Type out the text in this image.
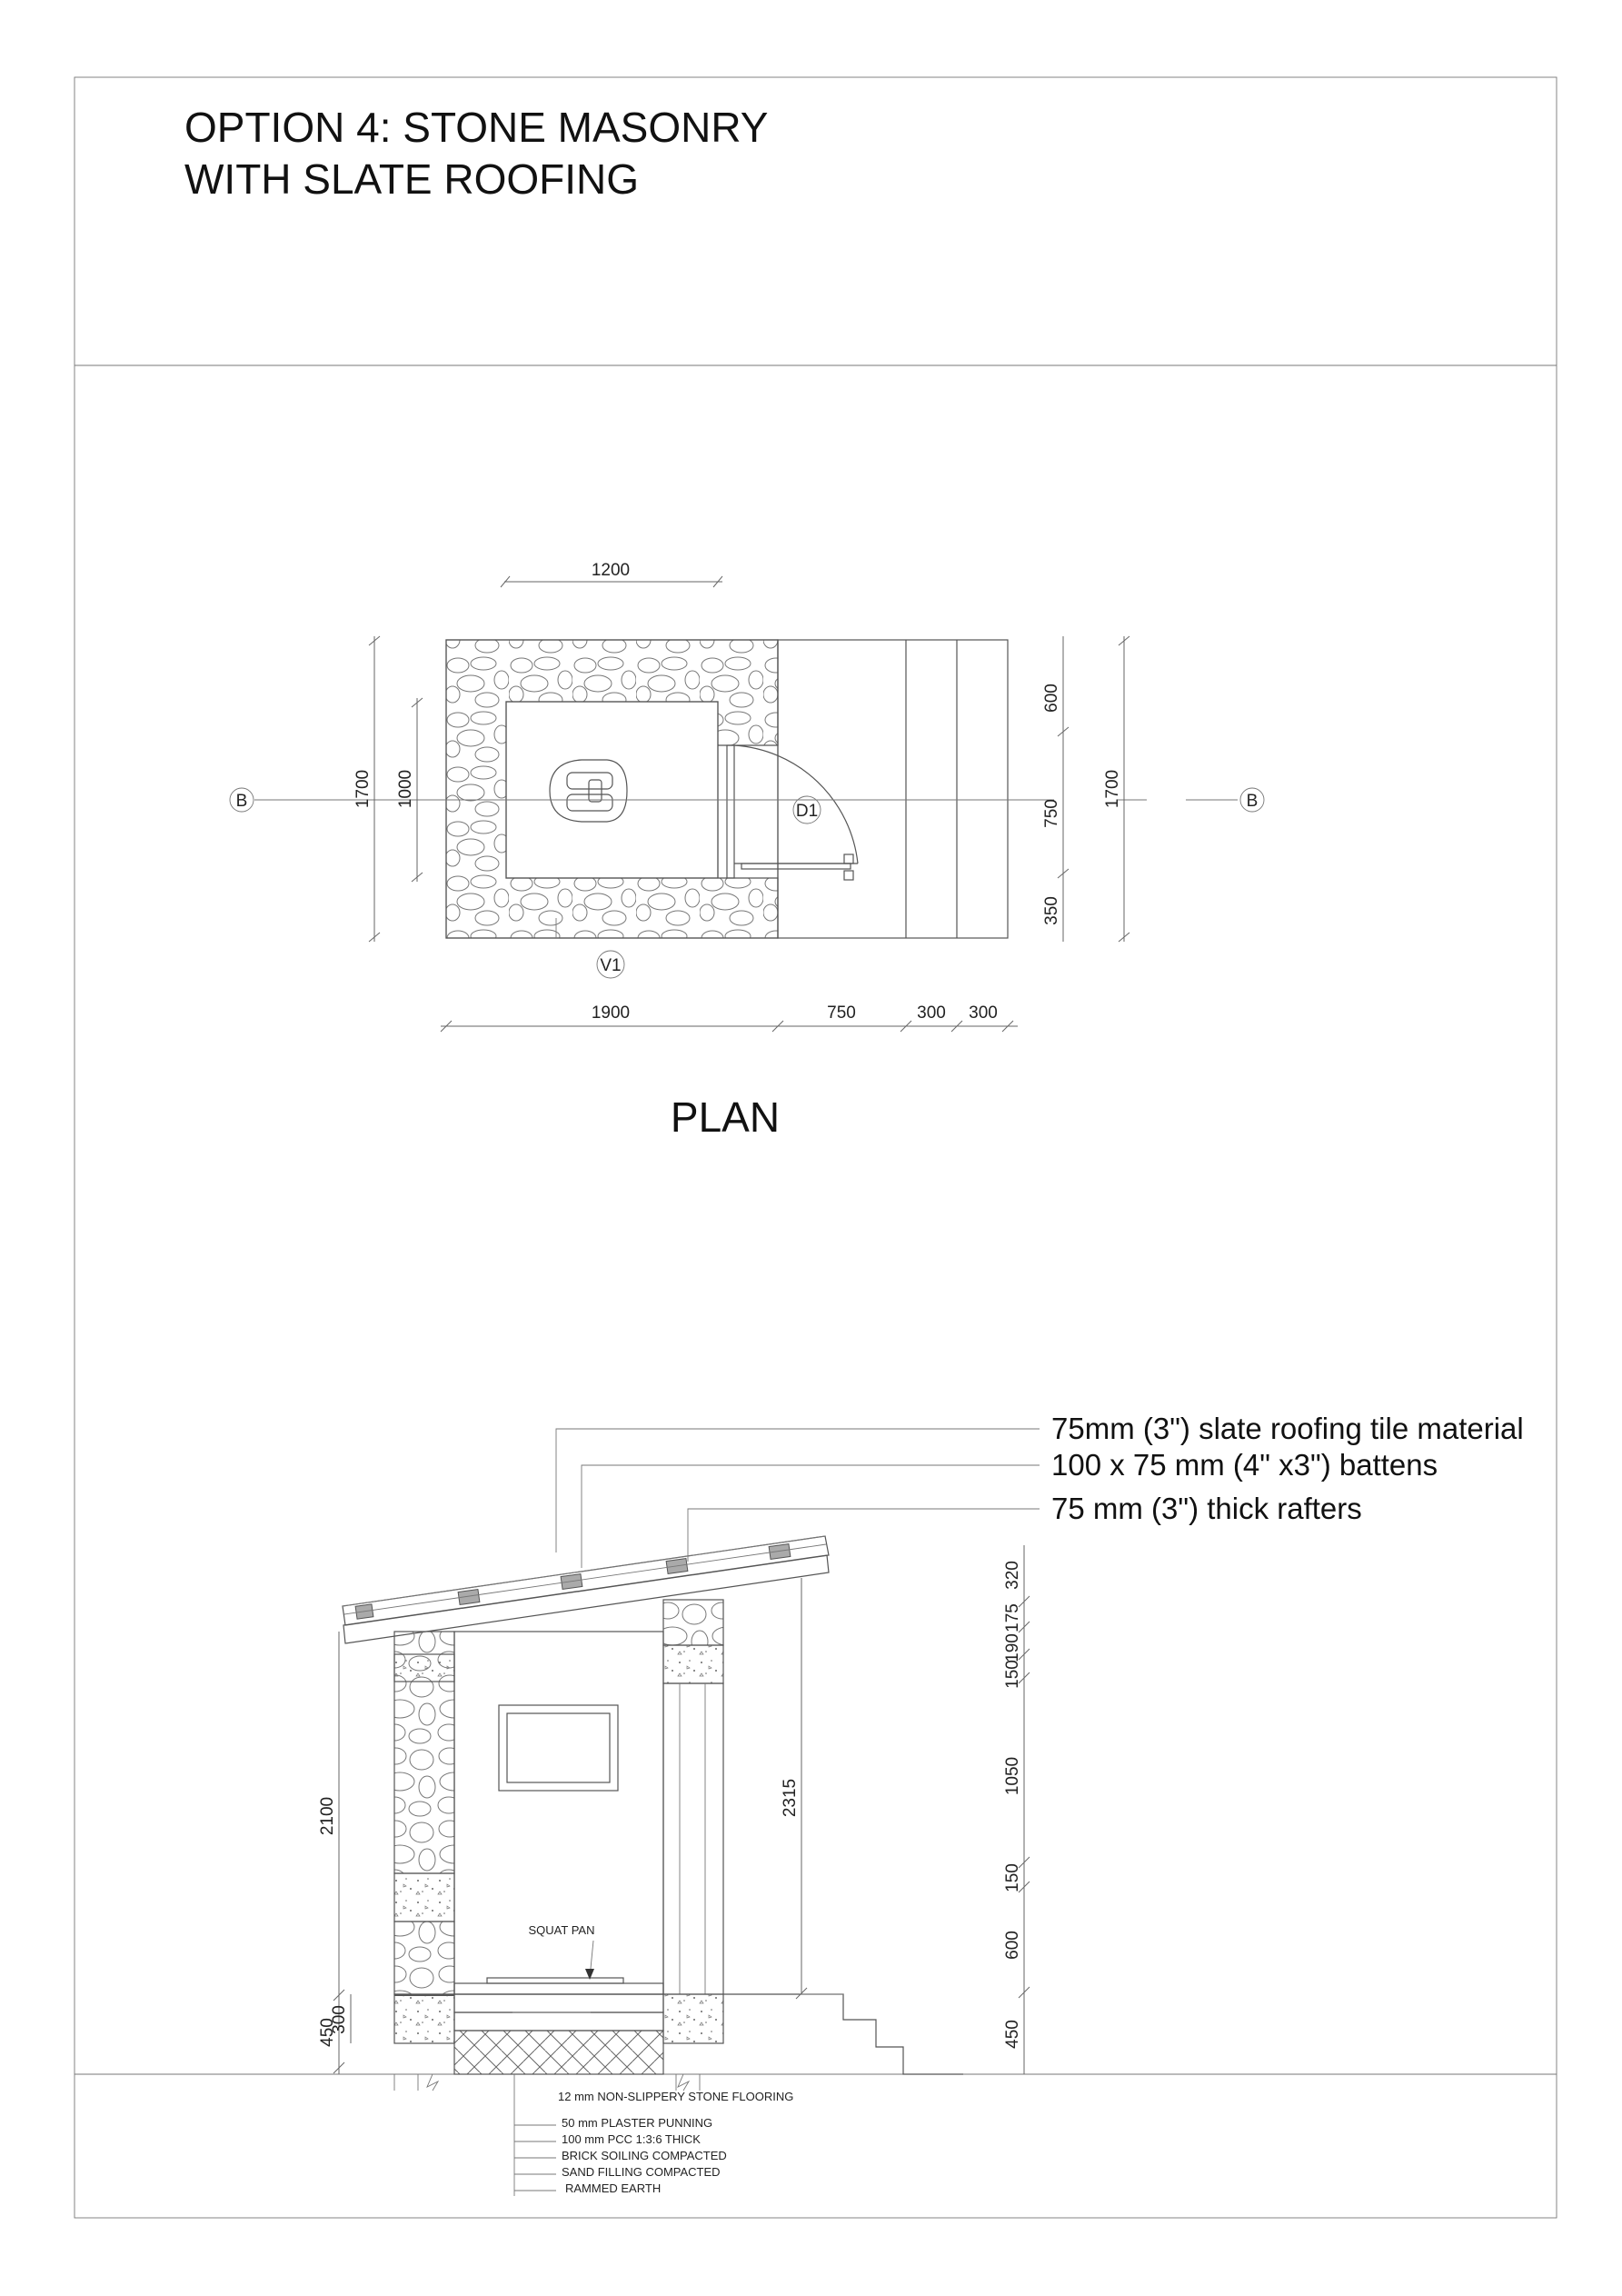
OPTION 4: STONE MASONRY
WITH SLATE ROOFING
B	B
D1
V1
1200
1700 1000
600
750
350
1700
1900	750	300 300
PLAN
SQUAT PAN
75mm (3") slate roofing tile material
100 x 75 mm (4" x3") battens
75 mm (3") thick rafters
2100
450
300
2315
320
175
190
150
1050
150
600
450
12 mm NON-SLIPPERY STONE FLOORING
50 mm PLASTER PUNNING
100 mm PCC 1:3:6 THICK
BRICK SOILING COMPACTED
SAND FILLING COMPACTED
RAMMED EARTH
